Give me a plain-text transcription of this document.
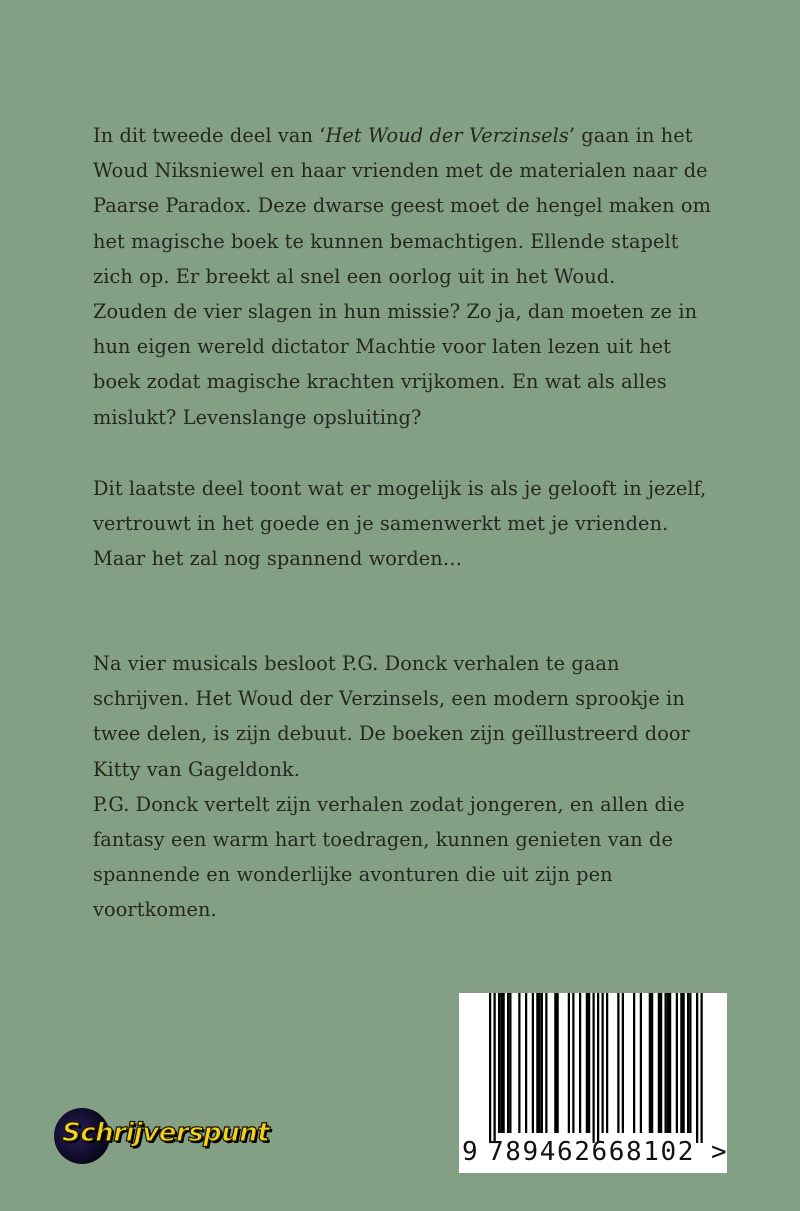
In dit tweede deel van ‘Het Woud der Verzinsels’ gaan in het
Woud Niksniewel en haar vrienden met de materialen naar de
Paarse Paradox. Deze dwarse geest moet de hengel maken om
het magische boek te kunnen bemachtigen. Ellende stapelt
zich op. Er breekt al snel een oorlog uit in het Woud.
Zouden de vier slagen in hun missie? Zo ja, dan moeten ze in
hun eigen wereld dictator Machtie voor laten lezen uit het
boek zodat magische krachten vrijkomen. En wat als alles
mislukt? Levenslange opsluiting?
Dit laatste deel toont wat er mogelijk is als je gelooft in jezelf,
vertrouwt in het goede en je samenwerkt met je vrienden.
Maar het zal nog spannend worden…
Na vier musicals besloot P.G. Donck verhalen te gaan
schrijven. Het Woud der Verzinsels, een modern sprookje in
twee delen, is zijn debuut. De boeken zijn geïllustreerd door
Kitty van Gageldonk.
P.G. Donck vertelt zijn verhalen zodat jongeren, en allen die
fantasy een warm hart toedragen, kunnen genieten van de
spannende en wonderlijke avonturen die uit zijn pen
voortkomen.
Schrijverspunt
9 789462668102 >
